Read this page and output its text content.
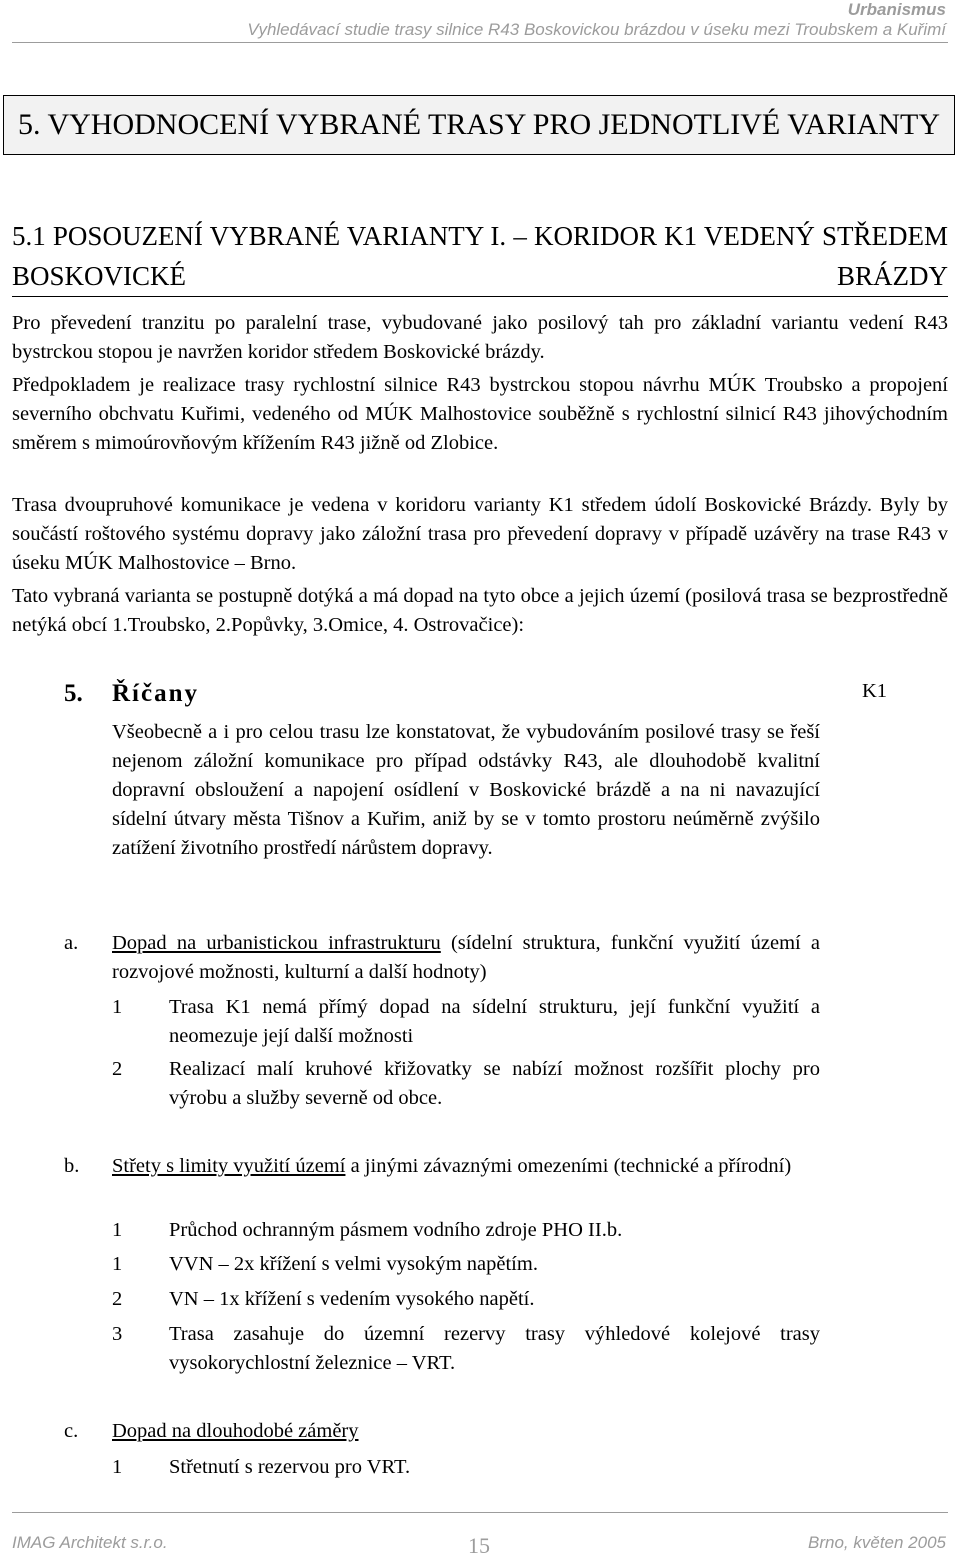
Urbanismus
Vyhledávací studie trasy silnice R43 Boskovickou brázdou v úseku mezi Troubskem a Kuřimí
5. VYHODNOCENÍ VYBRANÉ TRASY PRO JEDNOTLIVÉ VARIANTY
5.1 POSOUZENÍ VYBRANÉ VARIANTY I. – KORIDOR K1 VEDENÝ STŘEDEM BOSKOVICKÉ BRÁZDY

Pro převedení tranzitu po paralelní trase, vybudované jako posilový tah pro základní variantu vedení R43 bystrckou stopou je navržen koridor středem Boskovické brázdy.

Předpokladem je realizace trasy rychlostní silnice R43 bystrckou stopou návrhu MÚK Troubsko a propojení severního obchvatu Kuřimi, vedeného od MÚK Malhostovice souběžně s rychlostní silnicí R43 jihovýchodním směrem s mimoúrovňovým křížením R43 jižně od Zlobice.

Trasa dvoupruhové komunikace je vedena v koridoru varianty K1 středem údolí Boskovické Brázdy. Byly by součástí roštového systému dopravy jako záložní trasa pro převedení dopravy v případě uzávěry na trase R43 v úseku MÚK Malhostovice – Brno.

Tato vybraná varianta se postupně dotýká a má dopad na tyto obce a jejich území (posilová trasa se bezprostředně netýká obcí 1.Troubsko, 2.Popůvky, 3.Omice, 4. Ostrovačice):

5. Říčany	K1
Všeobecně a i pro celou trasu lze konstatovat, že vybudováním posilové trasy se řeší nejenom záložní komunikace pro případ odstávky R43, ale dlouhodobě kvalitní dopravní obsloužení a napojení osídlení v Boskovické brázdě a na ni navazující sídelní útvary města Tišnov a Kuřim, aniž by se v tomto prostoru neúměrně zvýšilo zatížení životního prostředí nárůstem dopravy.
a. Dopad na urbanistickou infrastrukturu (sídelní struktura, funkční využití území a rozvojové možnosti, kulturní a další hodnoty)
1 Trasa K1 nemá přímý dopad na sídelní strukturu, její funkční využití a neomezuje její další možnosti
2 Realizací malí kruhové křižovatky se nabízí možnost rozšířit plochy pro výrobu a služby severně od obce.
b. Střety s limity využití území a jinými závaznými omezeními (technické a přírodní)
1 Průchod ochranným pásmem vodního zdroje PHO II.b.
1 VVN – 2x křížení s velmi vysokým napětím.
2 VN – 1x křížení s vedením vysokého napětí.
3 Trasa zasahuje do územní rezervy trasy výhledové kolejové trasy vysokorychlostní železnice – VRT.
c. Dopad na dlouhodobé záměry
1 Střetnutí s rezervou pro VRT.
IMAG Architekt s.r.o.	15	Brno, květen 2005
